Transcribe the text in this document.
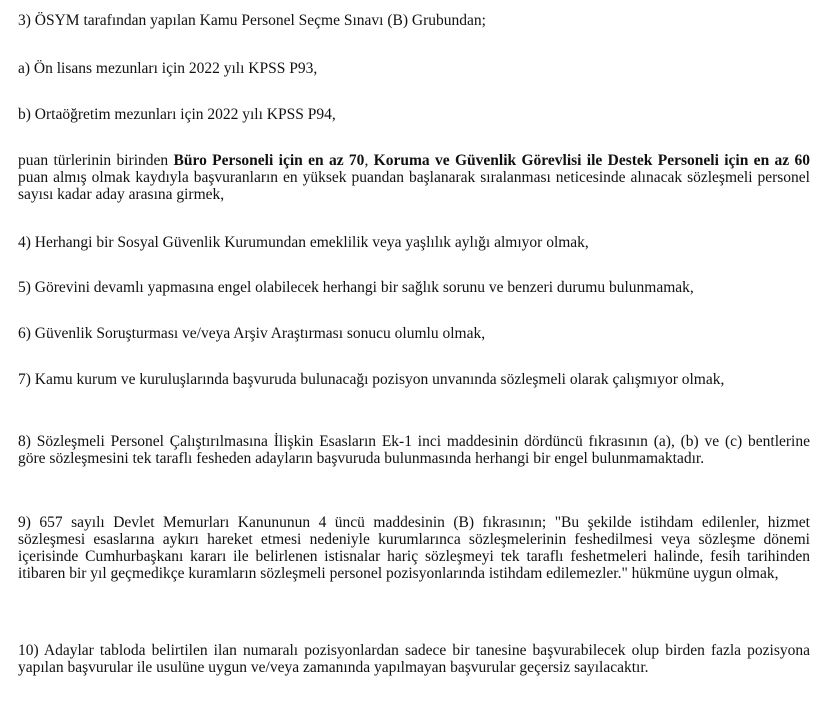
3) ÖSYM tarafından yapılan Kamu Personel Seçme Sınavı (B) Grubundan;

a) Ön lisans mezunları için 2022 yılı KPSS P93,

b) Ortaöğretim mezunları için 2022 yılı KPSS P94,

puan türlerinin birinden Büro Personeli için en az 70, Koruma ve Güvenlik Görevlisi ile Destek Personeli için en az 60 puan almış olmak kaydıyla başvuranların en yüksek puandan başlanarak sıralanması neticesinde alınacak sözleşmeli personel sayısı kadar aday arasına girmek,

4) Herhangi bir Sosyal Güvenlik Kurumundan emeklilik veya yaşlılık aylığı almıyor olmak,

5) Görevini devamlı yapmasına engel olabilecek herhangi bir sağlık sorunu ve benzeri durumu bulunmamak,

6) Güvenlik Soruşturması ve/veya Arşiv Araştırması sonucu olumlu olmak,

7) Kamu kurum ve kuruluşlarında başvuruda bulunacağı pozisyon unvanında sözleşmeli olarak çalışmıyor olmak,

8) Sözleşmeli Personel Çalıştırılmasına İlişkin Esasların Ek-1 inci maddesinin dördüncü fıkrasının (a), (b) ve (c) bentlerine göre sözleşmesini tek taraflı fesheden adayların başvuruda bulunmasında herhangi bir engel bulunmamaktadır.

9) 657 sayılı Devlet Memurları Kanununun 4 üncü maddesinin (B) fıkrasının; "Bu şekilde istihdam edilenler, hizmet sözleşmesi esaslarına aykırı hareket etmesi nedeniyle kurumlarınca sözleşmelerinin feshedilmesi veya sözleşme dönemi içerisinde Cumhurbaşkanı kararı ile belirlenen istisnalar hariç sözleşmeyi tek taraflı feshetmeleri halinde, fesih tarihinden itibaren bir yıl geçmedikçe kuramların sözleşmeli personel pozisyonlarında istihdam edilemezler." hükmüne uygun olmak,

10) Adaylar tabloda belirtilen ilan numaralı pozisyonlardan sadece bir tanesine başvurabilecek olup birden fazla pozisyona yapılan başvurular ile usulüne uygun ve/veya zamanında yapılmayan başvurular geçersiz sayılacaktır.
